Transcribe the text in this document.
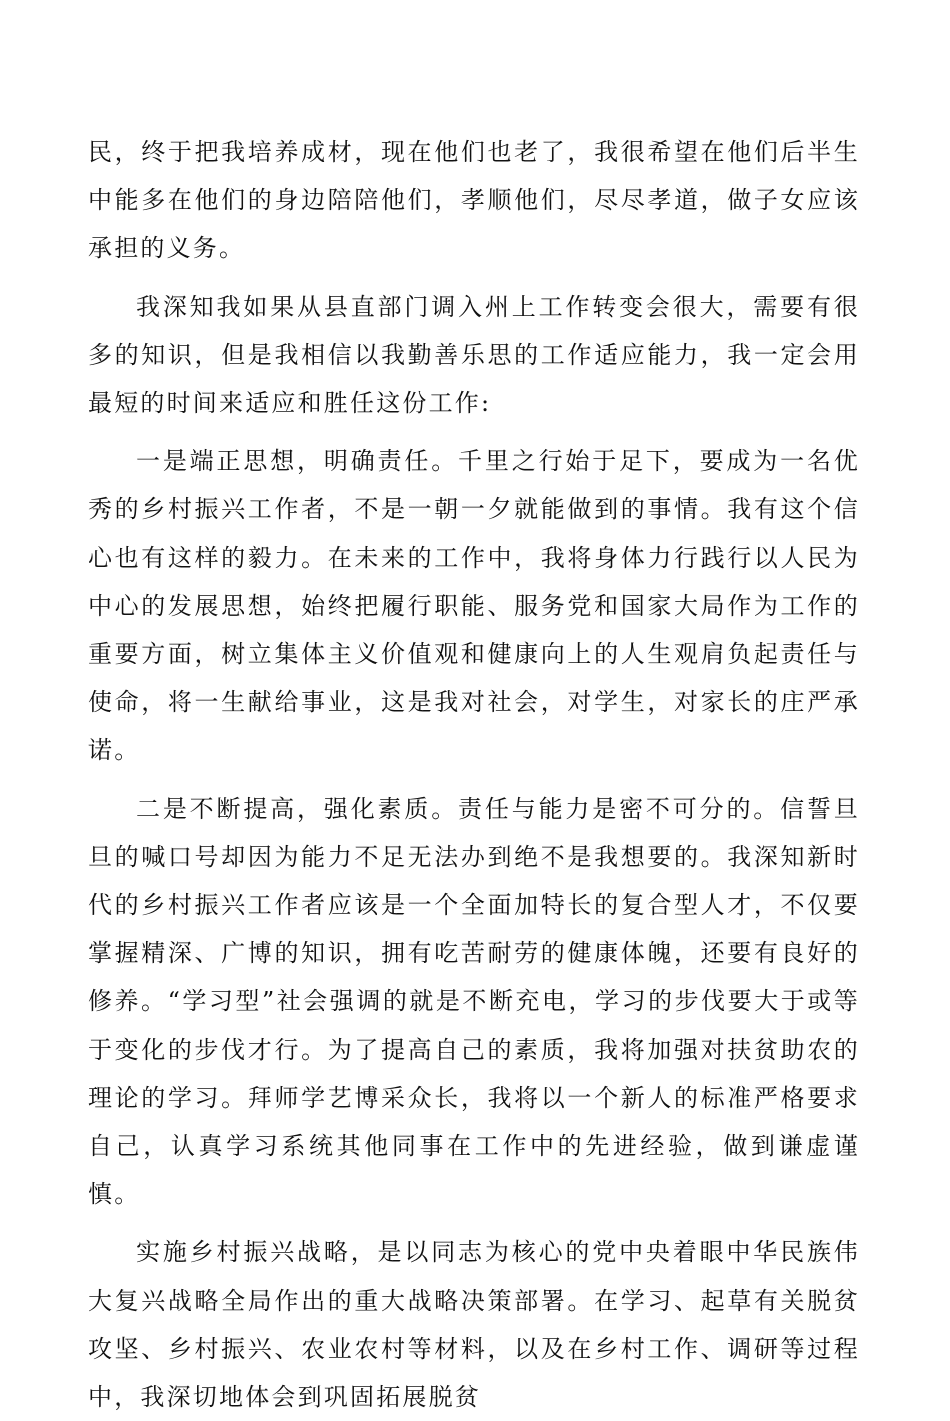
民，终于把我培养成材，现在他们也老了，我很希望在他们后半生中能多在他们的身边陪陪他们，孝顺他们，尽尽孝道，做子女应该承担的义务。

我深知我如果从县直部门调入州上工作转变会很大，需要有很多的知识，但是我相信以我勤善乐思的工作适应能力，我一定会用最短的时间来适应和胜任这份工作:

一是端正思想，明确责任。千里之行始于足下，要成为一名优秀的乡村振兴工作者，不是一朝一夕就能做到的事情。我有这个信心也有这样的毅力。在未来的工作中，我将身体力行践行以人民为中心的发展思想，始终把履行职能、服务党和国家大局作为工作的重要方面，树立集体主义价值观和健康向上的人生观肩负起责任与使命，将一生献给事业，这是我对社会，对学生，对家长的庄严承诺。

二是不断提高，强化素质。责任与能力是密不可分的。信誓旦旦的喊口号却因为能力不足无法办到绝不是我想要的。我深知新时代的乡村振兴工作者应该是一个全面加特长的复合型人才，不仅要掌握精深、广博的知识，拥有吃苦耐劳的健康体魄，还要有良好的修养。“学习型”社会强调的就是不断充电，学习的步伐要大于或等于变化的步伐才行。为了提高自己的素质，我将加强对扶贫助农的理论的学习。拜师学艺博采众长，我将以一个新人的标准严格要求自己，认真学习系统其他同事在工作中的先进经验，做到谦虚谨慎。

实施乡村振兴战略，是以同志为核心的党中央着眼中华民族伟大复兴战略全局作出的重大战略决策部署。在学习、起草有关脱贫攻坚、乡村振兴、农业农村等材料，以及在乡村工作、调研等过程中，我深切地体会到巩固拓展脱贫
